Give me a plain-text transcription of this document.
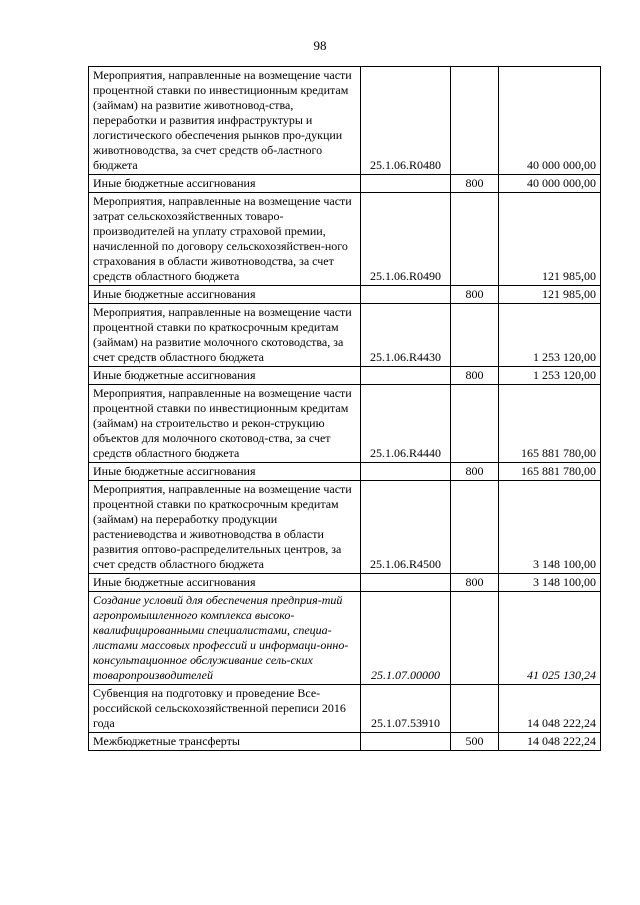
98
Мероприятия, направленные на возмещение части процентной ставки по инвестиционным кредитам (займам) на развитие животновод-ства, переработки и развития инфраструктуры и логистического обеспечения рынков про-дукции животноводства, за счет средств об-ластного бюджета	25.1.06.R0480		40 000 000,00
Иные бюджетные ассигнования		800	40 000 000,00
Мероприятия, направленные на возмещение части затрат сельскохозяйственных товаро-производителей на уплату страховой премии, начисленной по договору сельскохозяйствен-ного страхования в области животноводства, за счет средств областного бюджета	25.1.06.R0490		121 985,00
Иные бюджетные ассигнования		800	121 985,00
Мероприятия, направленные на возмещение части процентной ставки по краткосрочным кредитам (займам) на развитие молочного скотоводства, за счет средств областного бюджета	25.1.06.R4430		1 253 120,00
Иные бюджетные ассигнования		800	1 253 120,00
Мероприятия, направленные на возмещение части процентной ставки по инвестиционным кредитам (займам) на строительство и рекон-струкцию объектов для молочного скотовод-ства, за счет средств областного бюджета	25.1.06.R4440		165 881 780,00
Иные бюджетные ассигнования		800	165 881 780,00
Мероприятия, направленные на возмещение части процентной ставки по краткосрочным кредитам (займам) на переработку продукции растениеводства и животноводства в области развития оптово-распределительных центров, за счет средств областного бюджета	25.1.06.R4500		3 148 100,00
Иные бюджетные ассигнования		800	3 148 100,00
Создание условий для обеспечения предприя-тий агропромышленного комплекса высоко-квалифицированными специалистами, специа-листами массовых профессий и информаци-онно-консультационное обслуживание сель-ских товаропроизводителей	25.1.07.00000		41 025 130,24
Субвенция на подготовку и проведение Все-российской сельскохозяйственной переписи 2016 года	25.1.07.53910		14 048 222,24
Межбюджетные трансферты		500	14 048 222,24
